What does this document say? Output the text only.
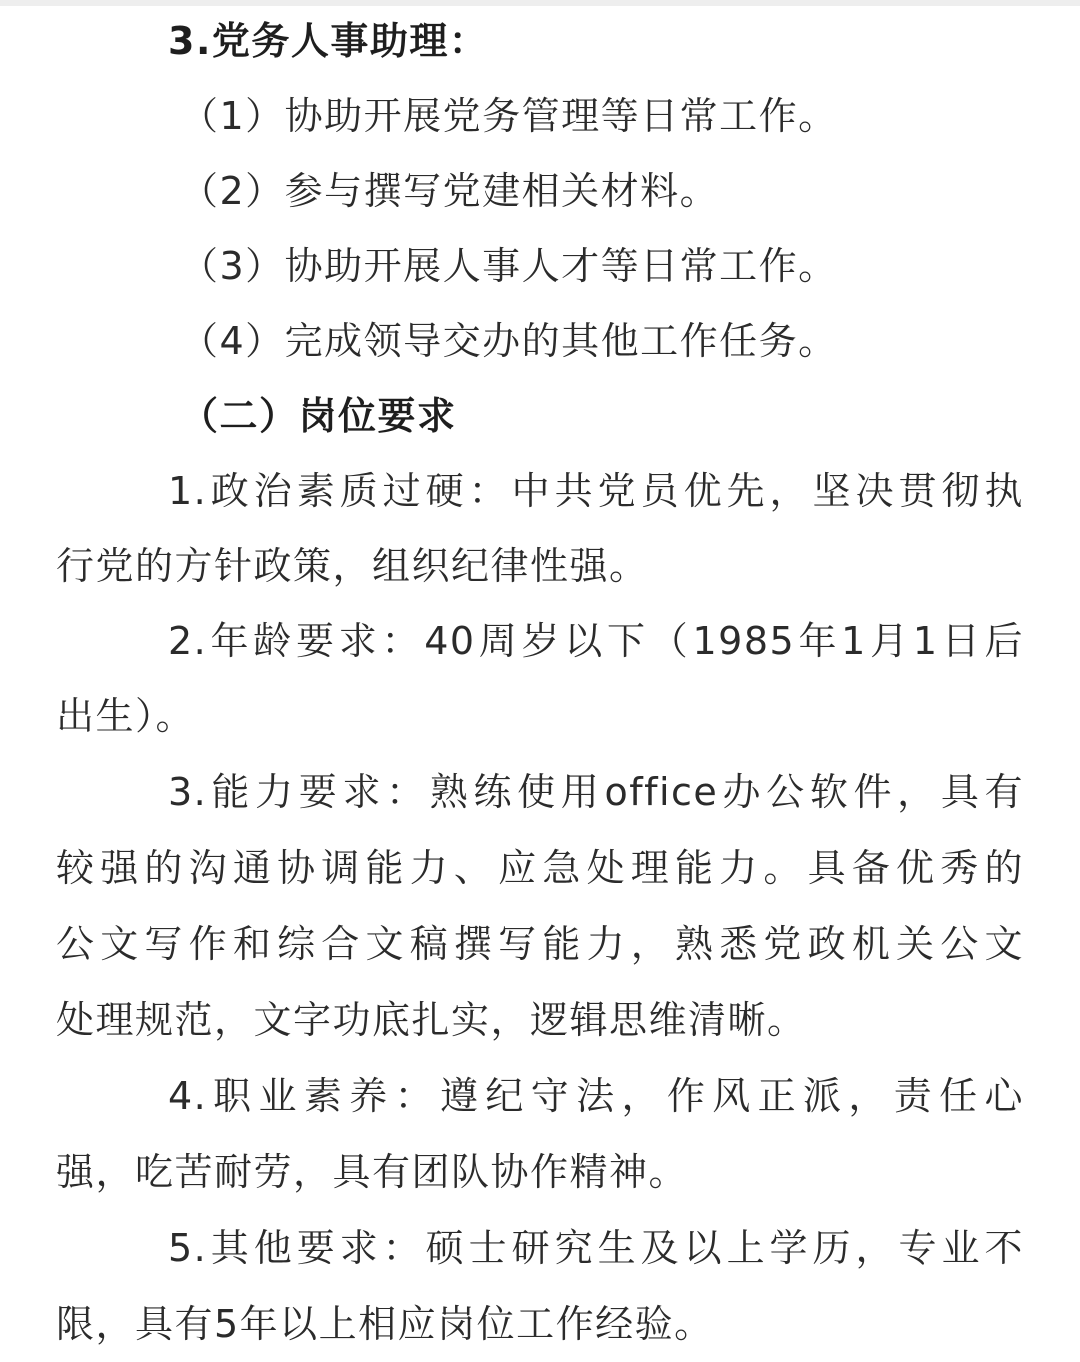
3.党务人事助理：
（1）协助开展党务管理等日常工作。
（2）参与撰写党建相关材料。
（3）协助开展人事人才等日常工作。
（4）完成领导交办的其他工作任务。
（二）岗位要求
1.政治素质过硬：中共党员优先，坚决贯彻执
行党的方针政策，组织纪律性强。
2.年龄要求：40周岁以下（1985年1月1日后
出生）。
3.能力要求：熟练使用office办公软件，具有
较强的沟通协调能力、应急处理能力。具备优秀的
公文写作和综合文稿撰写能力，熟悉党政机关公文
处理规范，文字功底扎实，逻辑思维清晰。
4.职业素养：遵纪守法，作风正派，责任心
强，吃苦耐劳，具有团队协作精神。
5.其他要求：硕士研究生及以上学历，专业不
限，具有5年以上相应岗位工作经验。
